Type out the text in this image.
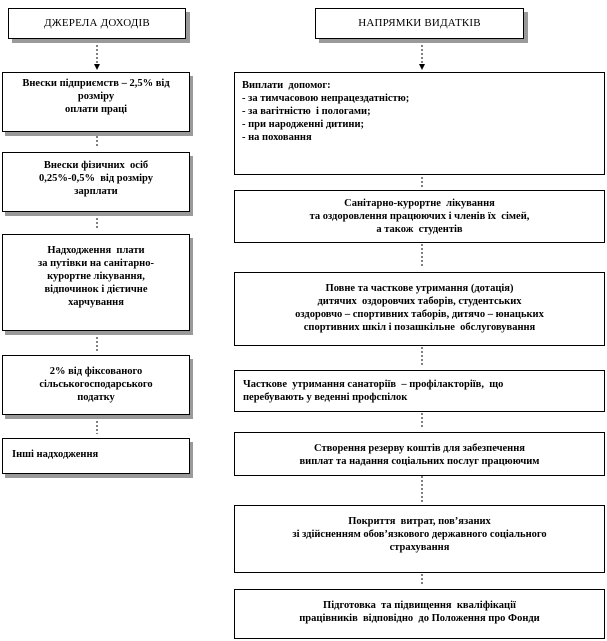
ДЖЕРЕЛА ДОХОДІВ
Внески підприємств – 2,5% від
розміру
оплати праці
Внески фізичних  осіб
0,25%-0,5%  від розміру
зарплати
Надходження  плати
за путівки на санітарно-
курортне лікування,
відпочинок і дієтичне
харчування
2% від фіксованого
сільськогосподарського
податку
Інші надходження
НАПРЯМКИ ВИДАТКІВ
Виплати  допомог:
- за тимчасовою непрацездатністю;
- за вагітністю  і пологами;
- при народженні дитини;
- на поховання
Санітарно-курортне  лікування
та оздоровлення працюючих і членів їх  сімей,
а також  студентів
Повне та часткове утримання (дотація)
дитячих  оздоровчих таборів, студентських
оздоровчо – спортивних таборів, дитячо – юнацьких
спортивних шкіл і позашкільне  обслуговування
Часткове  утримання санаторіїв  – профілакторіїв,  що
перебувають у веденні профспілок
Створення резерву коштів для забезпечення
виплат та надання соціальних послуг працюючим
Покриття  витрат, пов’язаних
зі здійсненням обов’язкового державного соціального
страхування
Підготовка  та підвищення  кваліфікації
працівників  відповідно  до Положення про Фонди
